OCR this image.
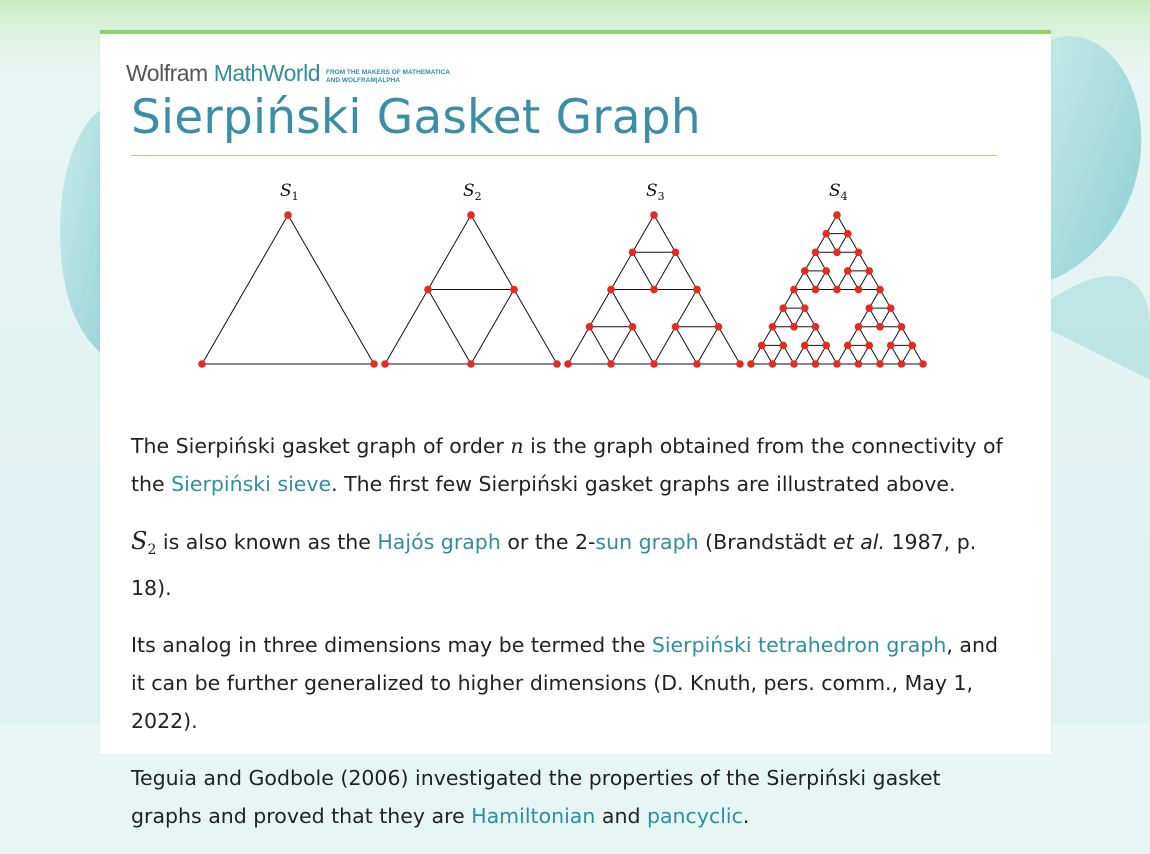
Wolfram MathWorld FROM THE MAKERS OF MATHEMATICA
AND WOLFRAM|ALPHA
Sierpiński Gasket Graph
$S_1$	$S_2$	$S_3$	$S_4$

The Sierpiński gasket graph of order n is the graph obtained from the connectivity of the Sierpiński sieve. The first few Sierpiński gasket graphs are illustrated above.

$S_2$ is also known as the Hajós graph or the 2-sun graph (Brandstädt et al. 1987, p. 18).

Its analog in three dimensions may be termed the Sierpiński tetrahedron graph, and it can be further generalized to higher dimensions (D. Knuth, pers. comm., May 1, 2022).

Teguia and Godbole (2006) investigated the properties of the Sierpiński gasket graphs and proved that they are Hamiltonian and pancyclic.
